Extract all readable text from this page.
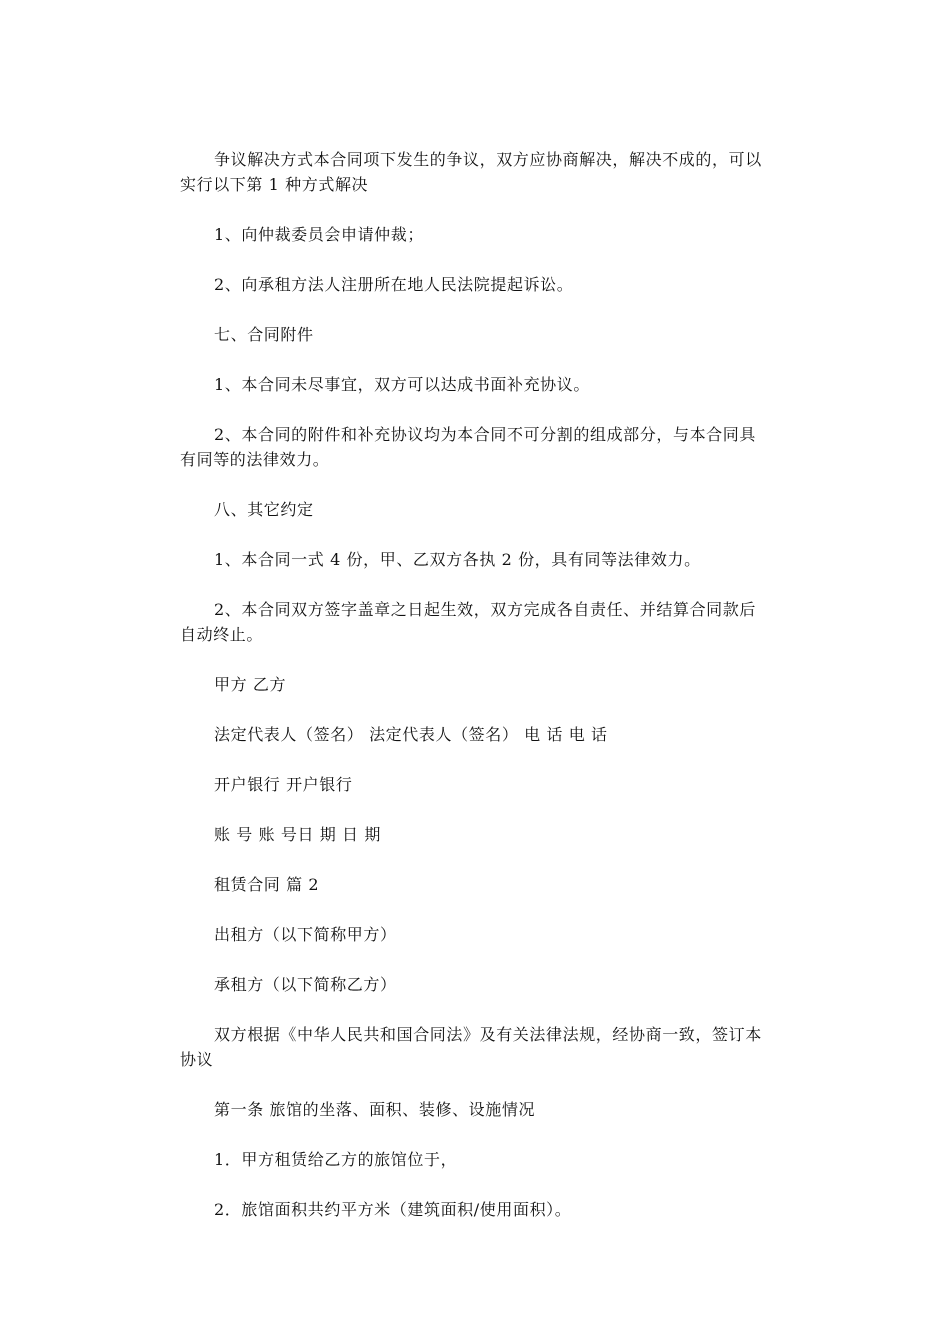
争议解决方式本合同项下发生的争议，双方应协商解决，解决不成的，可以
实行以下第 1 种方式解决

1、向仲裁委员会申请仲裁；

2、向承租方法人注册所在地人民法院提起诉讼。

七、合同附件

1、本合同未尽事宜，双方可以达成书面补充协议。

2、本合同的附件和补充协议均为本合同不可分割的组成部分，与本合同具
有同等的法律效力。

八、其它约定

1、本合同一式 4 份，甲、乙双方各执 2 份，具有同等法律效力。

2、本合同双方签字盖章之日起生效，双方完成各自责任、并结算合同款后
自动终止。

甲方 乙方

法定代表人（签名） 法定代表人（签名） 电 话 电 话

开户银行 开户银行

账 号 账 号日 期 日 期

租赁合同 篇 2

出租方（以下简称甲方）

承租方（以下简称乙方）

双方根据《中华人民共和国合同法》及有关法律法规，经协商一致，签订本
协议

第一条 旅馆的坐落、面积、装修、设施情况

1．甲方租赁给乙方的旅馆位于，

2．旅馆面积共约平方米（建筑面积/使用面积）。
